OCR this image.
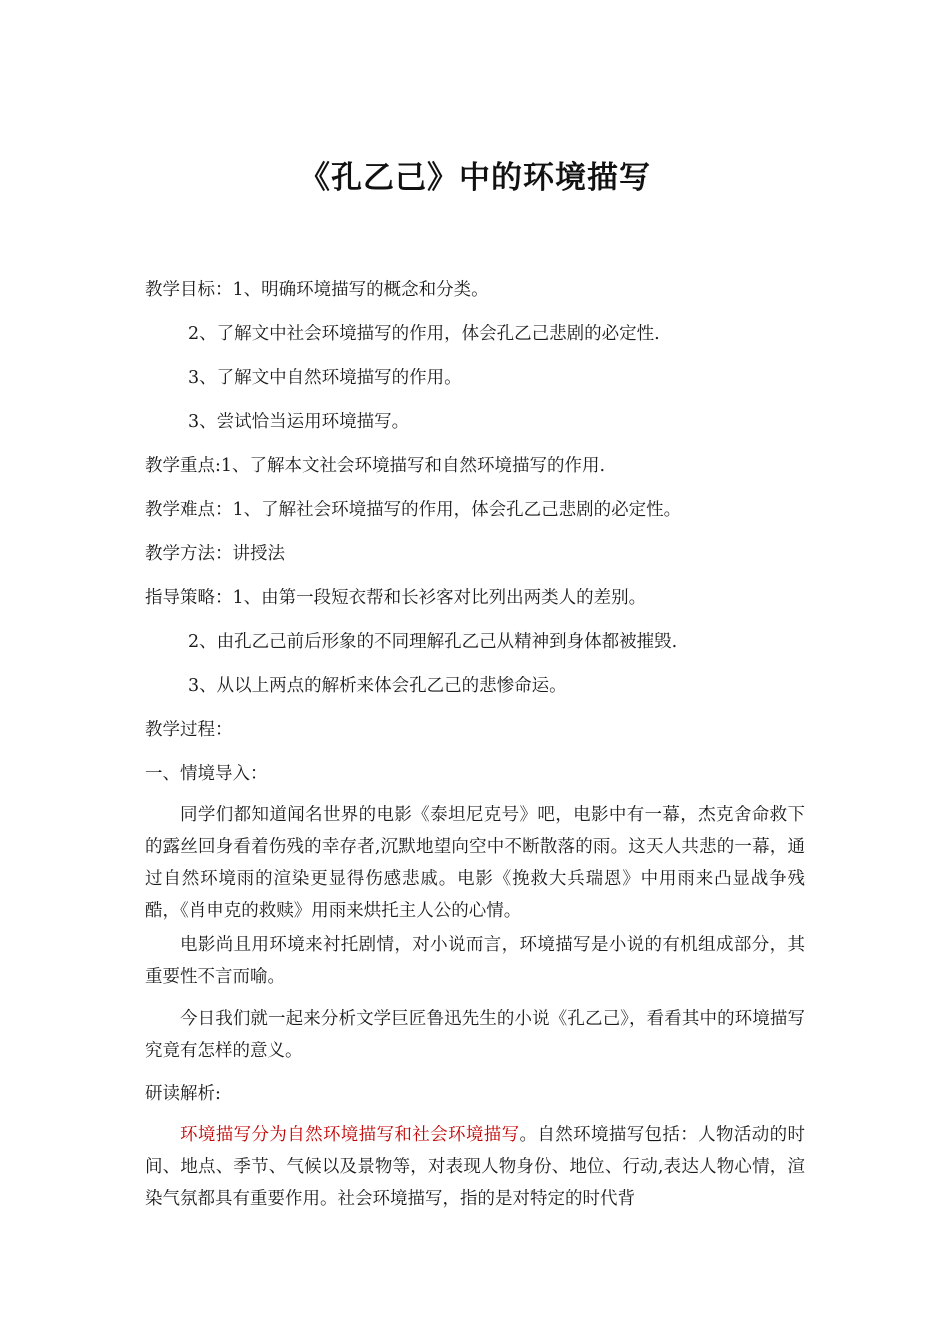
《孔乙己》中的环境描写

教学目标：1、明确环境描写的概念和分类。

2、了解文中社会环境描写的作用，体会孔乙己悲剧的必定性.

3、了解文中自然环境描写的作用。

3、尝试恰当运用环境描写。

教学重点:1、了解本文社会环境描写和自然环境描写的作用.

教学难点：1、了解社会环境描写的作用，体会孔乙己悲剧的必定性。

教学方法：讲授法

指导策略：1、由第一段短衣帮和长衫客对比列出两类人的差别。

2、由孔乙己前后形象的不同理解孔乙己从精神到身体都被摧毁.

3、从以上两点的解析来体会孔乙己的悲惨命运。

教学过程：

一、情境导入：

同学们都知道闻名世界的电影《泰坦尼克号》吧，电影中有一幕，杰克舍命救下的露丝回身看着伤残的幸存者,沉默地望向空中不断散落的雨。这天人共悲的一幕，通过自然环境雨的渲染更显得伤感悲戚。电影《挽救大兵瑞恩》中用雨来凸显战争残酷，《肖申克的救赎》用雨来烘托主人公的心情。

电影尚且用环境来衬托剧情，对小说而言，环境描写是小说的有机组成部分，其重要性不言而喻。

今日我们就一起来分析文学巨匠鲁迅先生的小说《孔乙己》，看看其中的环境描写究竟有怎样的意义。

研读解析:

环境描写分为自然环境描写和社会环境描写。自然环境描写包括：人物活动的时间、地点、季节、气候以及景物等，对表现人物身份、地位、行动,表达人物心情，渲染气氛都具有重要作用。社会环境描写，指的是对特定的时代背
